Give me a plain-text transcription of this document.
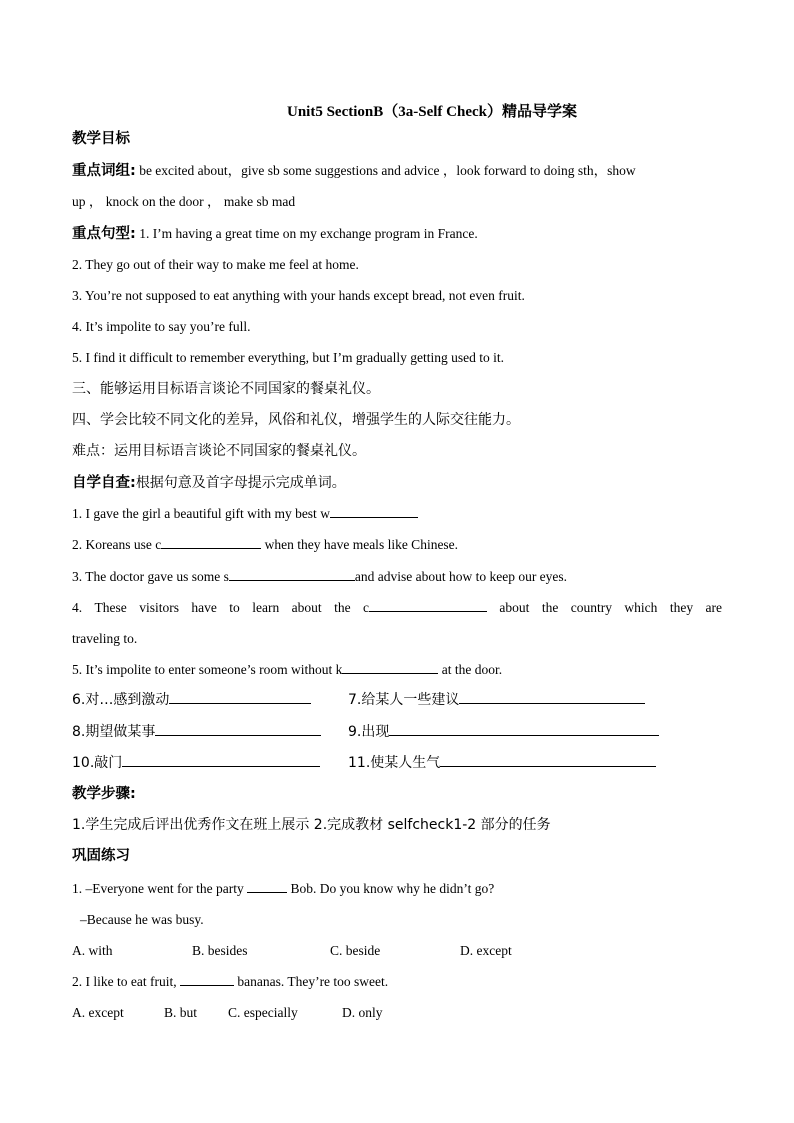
Unit5 SectionB（3a-Self Check）精品导学案
教学目标
重点词组: be excited about，give sb some suggestions and advice ，look forward to doing sth，show
up ， knock on the door ， make sb mad
重点句型: 1. I’m having a great time on my exchange program in France.
2. They go out of their way to make me feel at home.
3. You’re not supposed to eat anything with your hands except bread, not even fruit.
4. It’s impolite to say you’re full.
5. I find it difficult to remember everything, but I’m gradually getting used to it.
三、能够运用目标语言谈论不同国家的餐桌礼仪。
四、学会比较不同文化的差异，风俗和礼仪，增强学生的人际交往能力。
难点：运用目标语言谈论不同国家的餐桌礼仪。
自学自查:根据句意及首字母提示完成单词。
1. I gave the girl a beautiful gift with my best w
2. Koreans use c	when they have meals like Chinese.
3. The doctor gave us some s	and advise about how to keep our eyes.
4. These visitors have to learn about the c	about the country which they are
traveling to.
5. It’s impolite to enter someone’s room without k	at the door.
6.对…感到激动	7.给某人一些建议
8.期望做某事	9.出现
10.敲门	11.使某人生气
教学步骤:
1.学生完成后评出优秀作文在班上展示 2.完成教材 selfcheck1-2 部分的任务
巩固练习
1. –Everyone went for the party	Bob. Do you know why he didn’t go?
–Because he was busy.
A. with	B. besides	C. beside	D. except
2. I like to eat fruit,	bananas. They’re too sweet.
A. except	B. but C. especially	D. only
